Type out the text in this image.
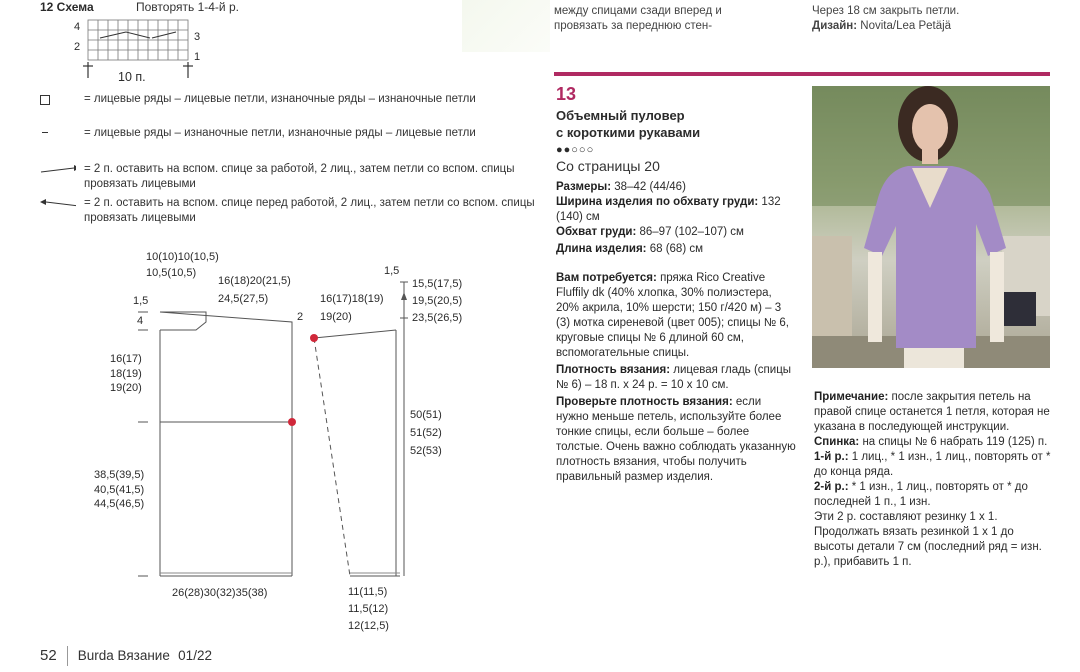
между спицами сзади вперед и
провязать за переднюю стен-
Через 18 см закрыть петли.
Дизайн: Novita/Lea Petäjä
12 Схема	Повторять 1-4-й р.
4
2
3
1
10 п.
= лицевые ряды – лицевые петли, изнаночные ряды – изнаночные петли
= лицевые ряды – изнаночные петли, изнаночные ряды – лицевые петли
= 2 п. оставить на вспом. спице за работой, 2 лиц., затем петли со вспом. спицы провязать лицевыми
= 2 п. оставить на вспом. спице перед работой, 2 лиц., затем петли со вспом. спицы провязать лицевыми
10(10)10(10,5)
10,5(10,5)
16(18)20(21,5)
24,5(27,5)
1,5
4	2
16(17)
18(19)
19(20)
38,5(39,5)
40,5(41,5)
44,5(46,5)
26(28)30(32)35(38)
16(17)18(19)
19(20)
1,5
15,5(17,5)
19,5(20,5)
23,5(26,5)
50(51)
51(52)
52(53)
11(11,5)
11,5(12)
12(12,5)
13
Объемный пуловер
с короткими рукавами
●●○○○
Со страницы 20
Размеры: 38–42 (44/46)
Ширина изделия по обхвату груди: 132 (140) см
Обхват груди: 86–97 (102–107) см
Длина изделия: 68 (68) см
Вам потребуется: пряжа Rico Creative Fluffily dk (40% хлопка, 30% полиэстера, 20% акрила, 10% шерсти; 150 г/420 м) – 3 (3) мотка сиреневой (цвет 005); спицы № 6, круговые спицы № 6 длиной 60 см, вспомогательные спицы.
Плотность вязания: лицевая гладь (спицы № 6) – 18 п. х 24 р. = 10 х 10 см.
Проверьте плотность вязания: если нужно меньше петель, используйте более тонкие спицы, если больше – более толстые. Очень важно соблюдать указанную плотность вязания, чтобы получить правильный размер изделия.
Примечание: после закрытия петель на правой спице останется 1 петля, которая не указана в последующей инструкции.
Спинка: на спицы № 6 набрать 119 (125) п.
1-й р.: 1 лиц., * 1 изн., 1 лиц., повторять от * до конца ряда.
2-й р.: * 1 изн., 1 лиц., повторять от * до последней 1 п., 1 изн.
Эти 2 р. составляют резинку 1 х 1. Продолжать вязать резинкой 1 х 1 до высоты детали 7 см (последний ряд = изн. р.), прибавить 1 п.
52 Burda Вязание 01/22
